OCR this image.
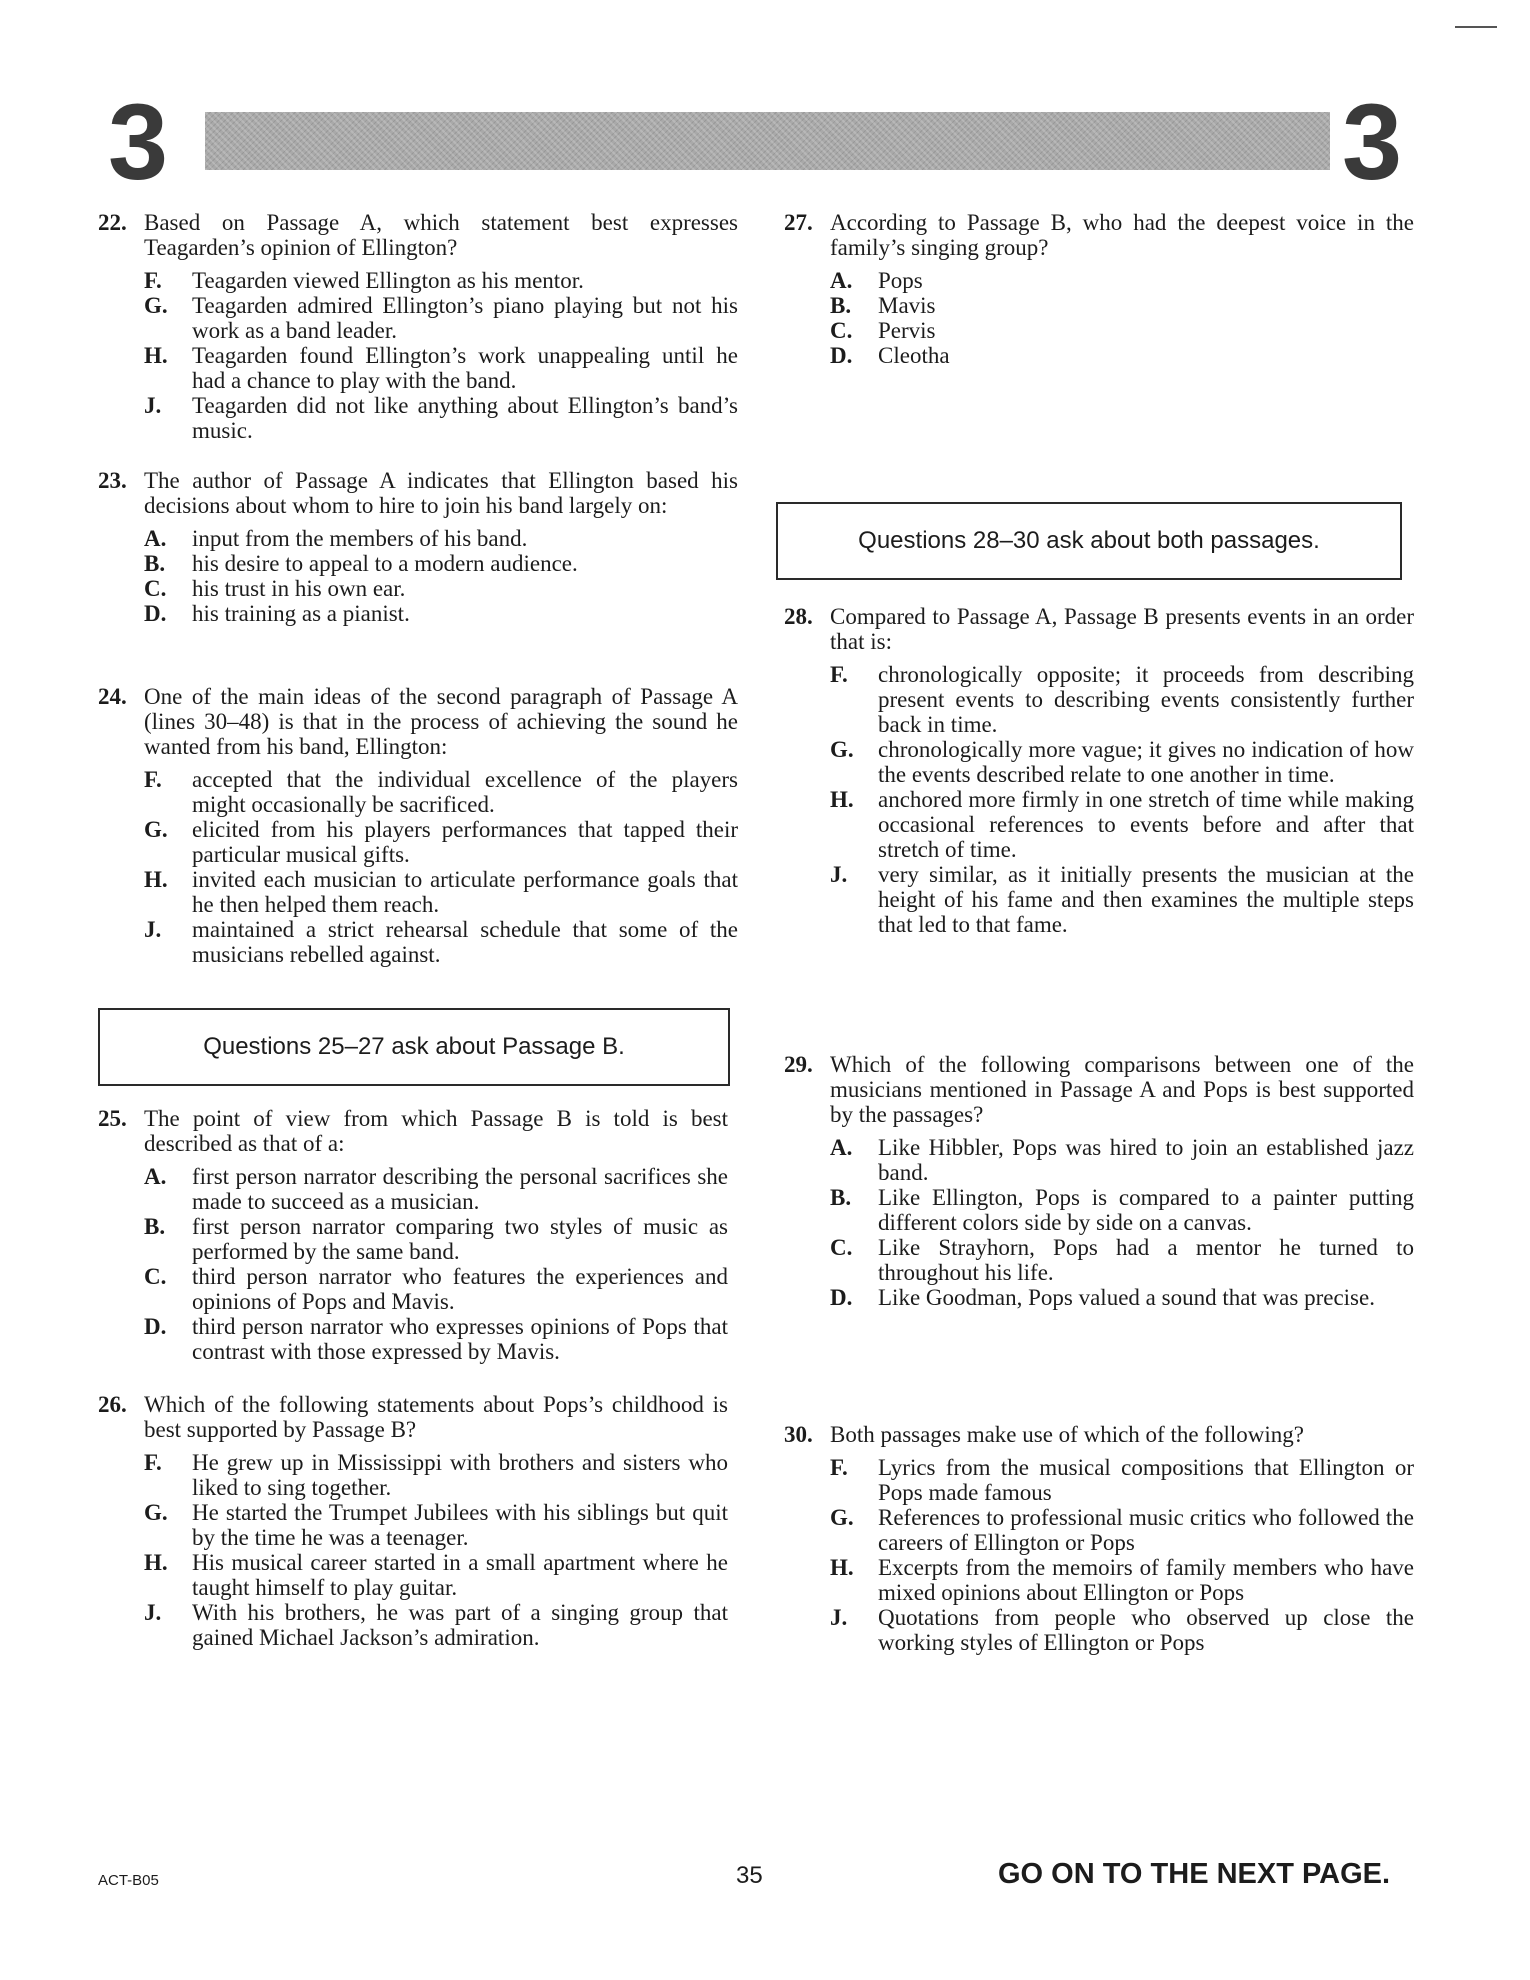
3	3
22. Based on Passage A, which statement best expresses Teagarden’s opinion of Ellington?
F.	Teagarden viewed Ellington as his mentor.
G.	Teagarden admired Ellington’s piano playing but not his work as a band leader.
H.	Teagarden found Ellington’s work unappealing until he had a chance to play with the band.
J.	Teagarden did not like anything about Ellington’s band’s music.
23. The author of Passage A indicates that Ellington based his decisions about whom to hire to join his band largely on:
A.	input from the members of his band.
B.	his desire to appeal to a modern audience.
C.	his trust in his own ear.
D.	his training as a pianist.
24. One of the main ideas of the second paragraph of Passage A (lines 30–48) is that in the process of achieving the sound he wanted from his band, Ellington:
F.	accepted that the individual excellence of the players might occasionally be sacrificed.
G.	elicited from his players performances that tapped their particular musical gifts.
H.	invited each musician to articulate performance goals that he then helped them reach.
J.	maintained a strict rehearsal schedule that some of the musicians rebelled against.
Questions 25–27 ask about Passage B.
25. The point of view from which Passage B is told is best described as that of a:
A.	first person narrator describing the personal sacrifices she made to succeed as a musician.
B.	first person narrator comparing two styles of music as performed by the same band.
C.	third person narrator who features the experiences and opinions of Pops and Mavis.
D.	third person narrator who expresses opinions of Pops that contrast with those expressed by Mavis.
26. Which of the following statements about Pops’s childhood is best supported by Passage B?
F.	He grew up in Mississippi with brothers and sisters who liked to sing together.
G.	He started the Trumpet Jubilees with his siblings but quit by the time he was a teenager.
H.	His musical career started in a small apartment where he taught himself to play guitar.
J.	With his brothers, he was part of a singing group that gained Michael Jackson’s admiration.
27. According to Passage B, who had the deepest voice in the family’s singing group?
A.	Pops
B.	Mavis
C.	Pervis
D.	Cleotha
Questions 28–30 ask about both passages.
28. Compared to Passage A, Passage B presents events in an order that is:
F.	chronologically opposite; it proceeds from describing present events to describing events consistently further back in time.
G.	chronologically more vague; it gives no indication of how the events described relate to one another in time.
H.	anchored more firmly in one stretch of time while making occasional references to events before and after that stretch of time.
J.	very similar, as it initially presents the musician at the height of his fame and then examines the multiple steps that led to that fame.
29. Which of the following comparisons between one of the musicians mentioned in Passage A and Pops is best supported by the passages?
A.	Like Hibbler, Pops was hired to join an established jazz band.
B.	Like Ellington, Pops is compared to a painter putting different colors side by side on a canvas.
C.	Like Strayhorn, Pops had a mentor he turned to throughout his life.
D.	Like Goodman, Pops valued a sound that was precise.
30. Both passages make use of which of the following?
F.	Lyrics from the musical compositions that Ellington or Pops made famous
G.	References to professional music critics who followed the careers of Ellington or Pops
H.	Excerpts from the memoirs of family members who have mixed opinions about Ellington or Pops
J.	Quotations from people who observed up close the working styles of Ellington or Pops
ACT-B05	35	GO ON TO THE NEXT PAGE.
